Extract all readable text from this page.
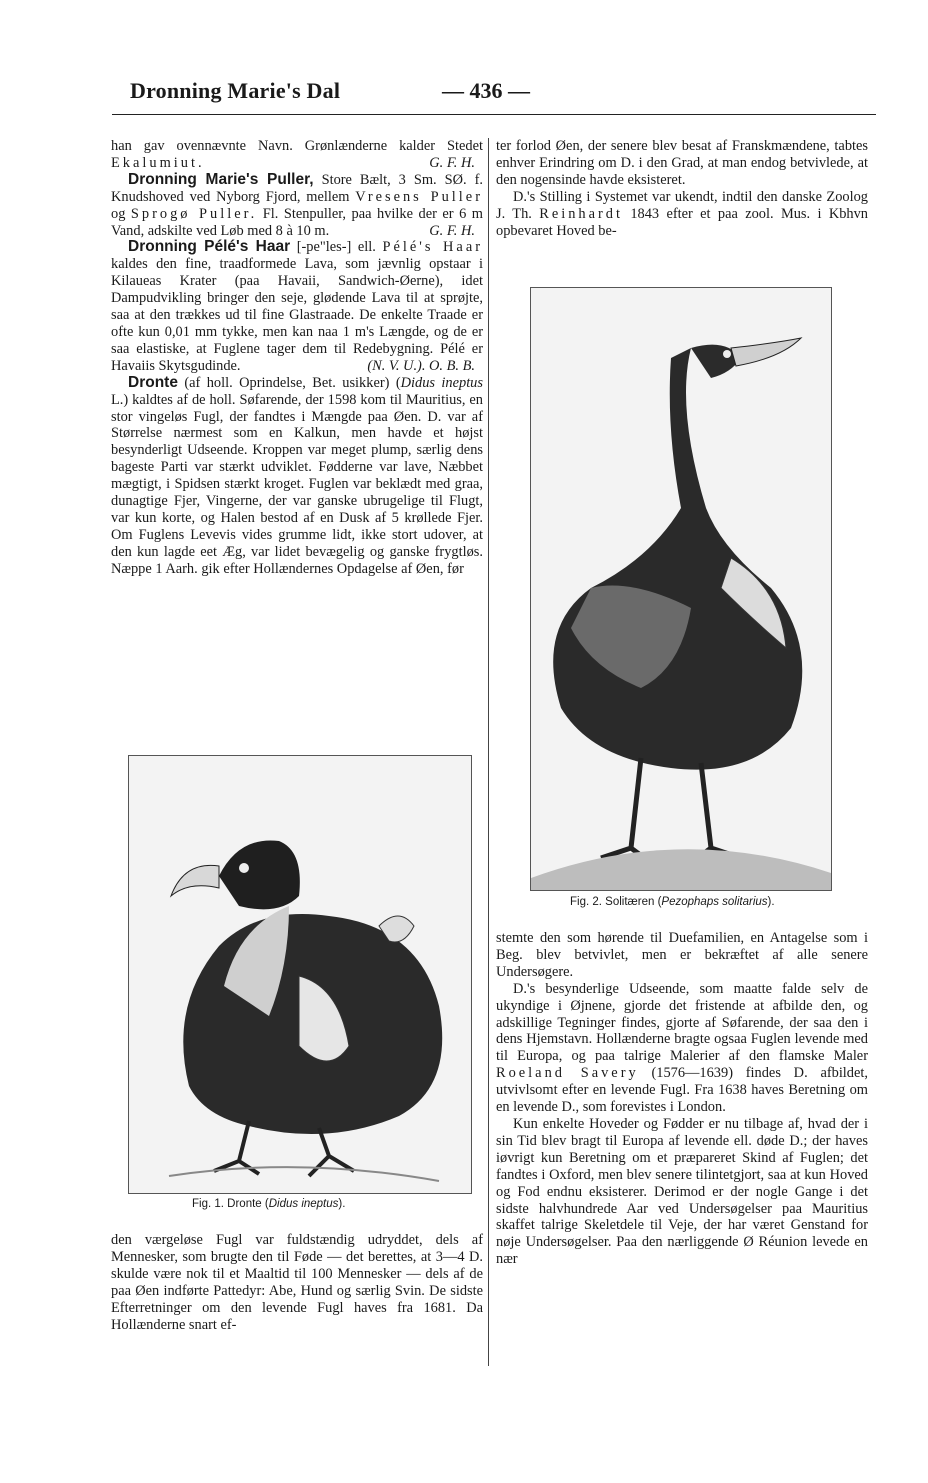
Dronning Marie's Dal	— 436 —

han gav ovennævnte Navn. Grønlænderne kalder Stedet Ekalumiut.	G. F. H.

Dronning Marie's Puller, Store Bælt, 3 Sm. SØ. f. Knudshoved ved Nyborg Fjord, mellem Vresens Puller og Sprogø Puller. Fl. Stenpuller, paa hvilke der er 6 m Vand, adskilte ved Løb med 8 à 10 m.	G. F. H.

Dronning Pélé's Haar [-pe"les-] ell. Pélé's Haar kaldes den fine, traadformede Lava, som jævnlig opstaar i Kilaueas Krater (paa Havaii, Sandwich-Øerne), idet Dampudvikling bringer den seje, glødende Lava til at sprøjte, saa at den trækkes ud til fine Glastraade. De enkelte Traade er ofte kun 0,01 mm tykke, men kan naa 1 m's Længde, og de er saa elastiske, at Fuglene tager dem til Redebygning. Pélé er Havaiis Skytsgudinde.	(N. V. U.). O. B. B.

Dronte (af holl. Oprindelse, Bet. usikker) (Didus ineptus L.) kaldtes af de holl. Søfarende, der 1598 kom til Mauritius, en stor vingeløs Fugl, der fandtes i Mængde paa Øen. D. var af Størrelse nærmest som en Kalkun, men havde et højst besynderligt Udseende. Kroppen var meget plump, særlig dens bageste Parti var stærkt udviklet. Fødderne var lave, Næbbet mægtigt, i Spidsen stærkt kroget. Fuglen var beklædt med graa, dunagtige Fjer, Vingerne, der var ganske ubrugelige til Flugt, var kun korte, og Halen bestod af en Dusk af 5 krøllede Fjer. Om Fuglens Levevis vides grumme lidt, ikke stort udover, at den kun lagde eet Æg, var lidet bevægelig og ganske frygtløs. Næppe 1 Aarh. gik efter Hollændernes Opdagelse af Øen, før

Fig. 1. Dronte (Didus ineptus).

den værgeløse Fugl var fuldstændig udryddet, dels af Mennesker, som brugte den til Føde — det berettes, at 3—4 D. skulde være nok til et Maaltid til 100 Mennesker — dels af de paa Øen indførte Pattedyr: Abe, Hund og særlig Svin. De sidste Efterretninger om den levende Fugl haves fra 1681. Da Hollænderne snart ef-

ter forlod Øen, der senere blev besat af Franskmændene, tabtes enhver Erindring om D. i den Grad, at man endog betvivlede, at den nogensinde havde eksisteret.

D.'s Stilling i Systemet var ukendt, indtil den danske Zoolog J. Th. Reinhardt 1843 efter et paa zool. Mus. i Kbhvn opbevaret Hoved be-

Fig. 2. Solitæren (Pezophaps solitarius).

stemte den som hørende til Duefamilien, en Antagelse som i Beg. blev betvivlet, men er bekræftet af alle senere Undersøgere.

D.'s besynderlige Udseende, som maatte falde selv de ukyndige i Øjnene, gjorde det fristende at afbilde den, og adskillige Tegninger findes, gjorte af Søfarende, der saa den i dens Hjemstavn. Hollænderne bragte ogsaa Fuglen levende med til Europa, og paa talrige Malerier af den flamske Maler Roeland Savery (1576—1639) findes D. afbildet, utvivlsomt efter en levende Fugl. Fra 1638 haves Beretning om en levende D., som forevistes i London.

Kun enkelte Hoveder og Fødder er nu tilbage af, hvad der i sin Tid blev bragt til Europa af levende ell. døde D.; der haves iøvrigt kun Beretning om et præpareret Skind af Fuglen; det fandtes i Oxford, men blev senere tilintetgjort, saa at kun Hoved og Fod endnu eksisterer. Derimod er der nogle Gange i det sidste halvhundrede Aar ved Undersøgelser paa Mauritius skaffet talrige Skeletdele til Veje, der har været Genstand for nøje Undersøgelser. Paa den nærliggende Ø Réunion levede en nær
